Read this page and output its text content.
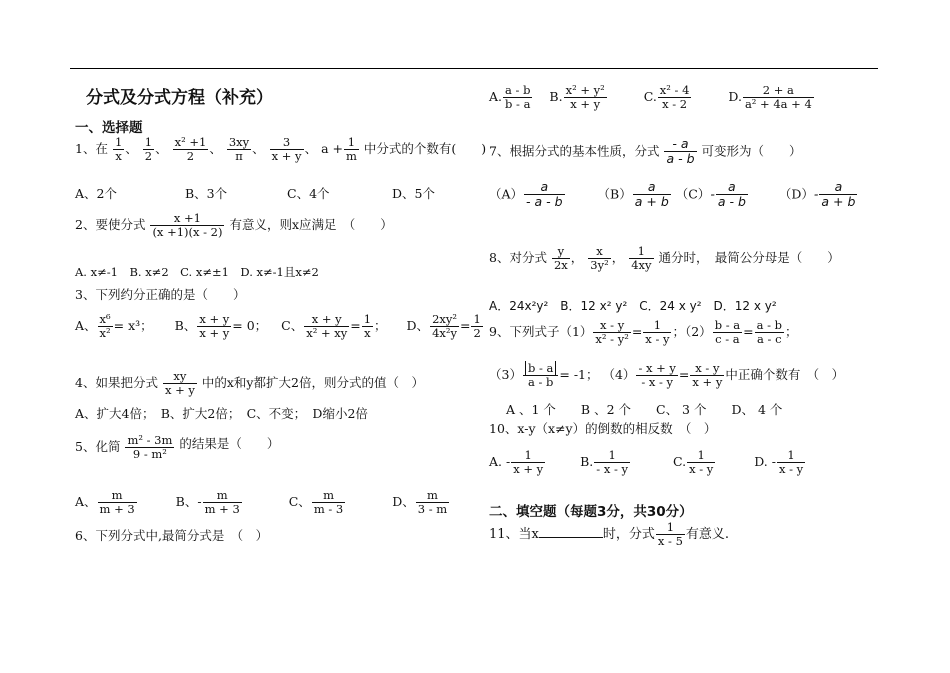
分式及分式方程（补充）
一、选择题
1、在 $\frac{1}{x}$ 、 $\frac{1}{2}$ 、 $\frac{\text{x² +1}}{2}$ 、 $\frac{3xy}{\pi}$ 、 $\frac{3}{x + y}$ 、 $a + \frac{1}{m}$ 中分式的个数有(　　)
A、2个	B、3个	C、4个	D、5个
2、要使分式 $\frac{x +1}{(x +1)(x - 2)}$ 有意义，则x应满足　（　　）
A. x≠-1　B. x≠2　C. x≠±1　D. x≠-1且x≠2
3、下列约分正确的是（　　）
A、 $\frac{\text{x⁶}}{\text{x²}} = x^3$； B、 $\frac{x + y}{x + y} = 0$； C、 $\frac{x + y}{\text{x² + xy}} = \frac{1}{x}$ ； D、 $\frac{\text{2xy²}}{\text{4x²y}} = \frac{1}{2}$
4、如果把分式 $\frac{xy}{x + y}$ 中的x和y都扩大2倍，则分式的值（　）
A、扩大4倍；　B、扩大2倍；　C、不变；　D缩小2倍
5、化简 $\frac{\text{m² - 3m}}{\text{9 - m²}}$ 的结果是（　　）
A、 $\frac{m}{m + 3}$	B、- $\frac{m}{m + 3}$	C、 $\frac{m}{m - 3}$	D、 $\frac{m}{3 - m}$
6、下列分式中,最简分式是　（　）
A. $\frac{a - b}{b - a} B$. $\frac{\text{x² + y²}}{x + y}$	C. $\frac{\text{x² - 4}}{x - 2}$	D. $\frac{2 + a}{\text{a² + 4a + 4}}$
7、根据分式的基本性质，分式 $\frac{- a}{a - b}$ 可变形为（　　）
$(A) \frac{a}{- a - b}$	$(B) \frac{a}{a + b} (C)- \frac{a}{a - b} (D)- \frac{a}{a + b}$
8、对分式 $\frac{y}{2x}$ ， $\frac{x}{\text{3y²}}$ ， $\frac{1}{4xy}$ 通分时，　最简公分母是（　　）
A．24x²y²　B．12 x² y²　C．24 x y²　D．12 x y²
9、下列式子$(1) \frac{x - y}{\text{x² - y²}} = \frac{1}{x - y}$ ；$(2) \frac{b - a}{c - a} = \frac{a - b}{a - c}$ ；
$(3) \frac{b - a}{a - b} = -1$； $(4) \frac{- x + y}{- x - y} = \frac{x - y}{x + y}$ 中正确个数有　（　）
A 、1 个　　B 、2 个　　C、 3 个　　D、 4 个
10、x-y（x≠y）的倒数的相反数　（　）
A. - $\frac{1}{x + y}$	B. $\frac{1}{- x - y}$	C. $\frac{1}{x - y}$	D. - $\frac{1}{x - y}$
二、填空题（每题3分，共30分）
11、当x	时，分式 $\frac{1}{x - 5}$ 有意义.
